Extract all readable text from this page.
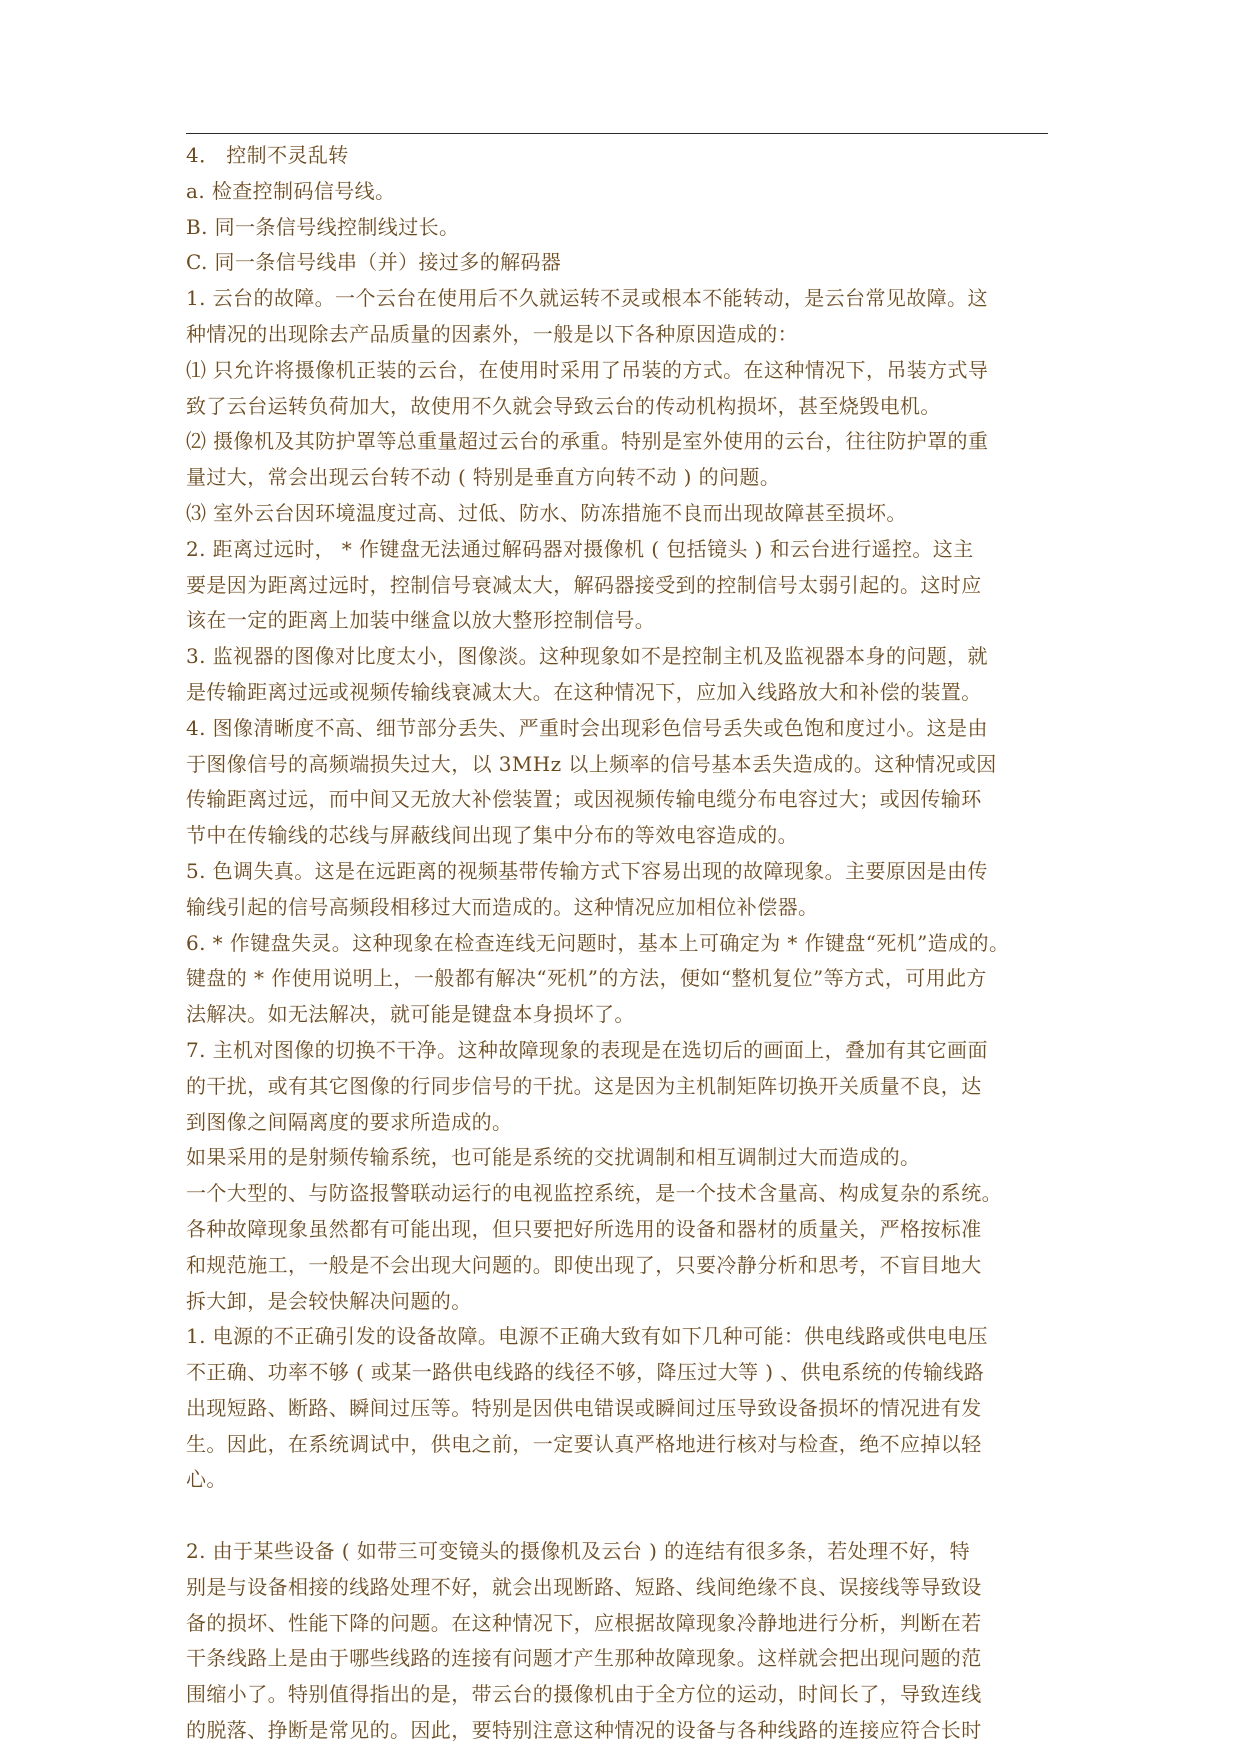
4． 控制不灵乱转
a. 检查控制码信号线。
B. 同一条信号线控制线过长。
C. 同一条信号线串（并）接过多的解码器
1. 云台的故障。一个云台在使用后不久就运转不灵或根本不能转动，是云台常见故障。这
种情况的出现除去产品质量的因素外，一般是以下各种原因造成的：
⑴ 只允许将摄像机正装的云台，在使用时采用了吊装的方式。在这种情况下，吊装方式导
致了云台运转负荷加大，故使用不久就会导致云台的传动机构损坏，甚至烧毁电机。
⑵ 摄像机及其防护罩等总重量超过云台的承重。特别是室外使用的云台，往往防护罩的重
量过大，常会出现云台转不动 ( 特别是垂直方向转不动 ) 的问题。
⑶ 室外云台因环境温度过高、过低、防水、防冻措施不良而出现故障甚至损坏。
2. 距离过远时， * 作键盘无法通过解码器对摄像机 ( 包括镜头 ) 和云台进行遥控。这主
要是因为距离过远时，控制信号衰减太大，解码器接受到的控制信号太弱引起的。这时应
该在一定的距离上加装中继盒以放大整形控制信号。
3. 监视器的图像对比度太小，图像淡。这种现象如不是控制主机及监视器本身的问题，就
是传输距离过远或视频传输线衰减太大。在这种情况下，应加入线路放大和补偿的装置。
4. 图像清晰度不高、细节部分丢失、严重时会出现彩色信号丢失或色饱和度过小。这是由
于图像信号的高频端损失过大，以 3MHz 以上频率的信号基本丢失造成的。这种情况或因
传输距离过远，而中间又无放大补偿装置；或因视频传输电缆分布电容过大；或因传输环
节中在传输线的芯线与屏蔽线间出现了集中分布的等效电容造成的。
5. 色调失真。这是在远距离的视频基带传输方式下容易出现的故障现象。主要原因是由传
输线引起的信号高频段相移过大而造成的。这种情况应加相位补偿器。
6. * 作键盘失灵。这种现象在检查连线无问题时，基本上可确定为 * 作键盘“死机”造成的。
键盘的 * 作使用说明上，一般都有解决“死机”的方法，便如“整机复位”等方式，可用此方
法解决。如无法解决，就可能是键盘本身损坏了。
7. 主机对图像的切换不干净。这种故障现象的表现是在选切后的画面上，叠加有其它画面
的干扰，或有其它图像的行同步信号的干扰。这是因为主机制矩阵切换开关质量不良，达
到图像之间隔离度的要求所造成的。
如果采用的是射频传输系统，也可能是系统的交扰调制和相互调制过大而造成的。
一个大型的、与防盗报警联动运行的电视监控系统，是一个技术含量高、构成复杂的系统。
各种故障现象虽然都有可能出现，但只要把好所选用的设备和器材的质量关，严格按标准
和规范施工，一般是不会出现大问题的。即使出现了，只要冷静分析和思考，不盲目地大
拆大卸，是会较快解决问题的。
1. 电源的不正确引发的设备故障。电源不正确大致有如下几种可能：供电线路或供电电压
不正确、功率不够 ( 或某一路供电线路的线径不够，降压过大等 ) 、供电系统的传输线路
出现短路、断路、瞬间过压等。特别是因供电错误或瞬间过压导致设备损坏的情况进有发
生。因此，在系统调试中，供电之前，一定要认真严格地进行核对与检查，绝不应掉以轻
心。
2. 由于某些设备 ( 如带三可变镜头的摄像机及云台 ) 的连结有很多条，若处理不好，特
别是与设备相接的线路处理不好，就会出现断路、短路、线间绝缘不良、误接线等导致设
备的损坏、性能下降的问题。在这种情况下，应根据故障现象冷静地进行分析，判断在若
干条线路上是由于哪些线路的连接有问题才产生那种故障现象。这样就会把出现问题的范
围缩小了。特别值得指出的是，带云台的摄像机由于全方位的运动，时间长了，导致连线
的脱落、挣断是常见的。因此，要特别注意这种情况的设备与各种线路的连接应符合长时
